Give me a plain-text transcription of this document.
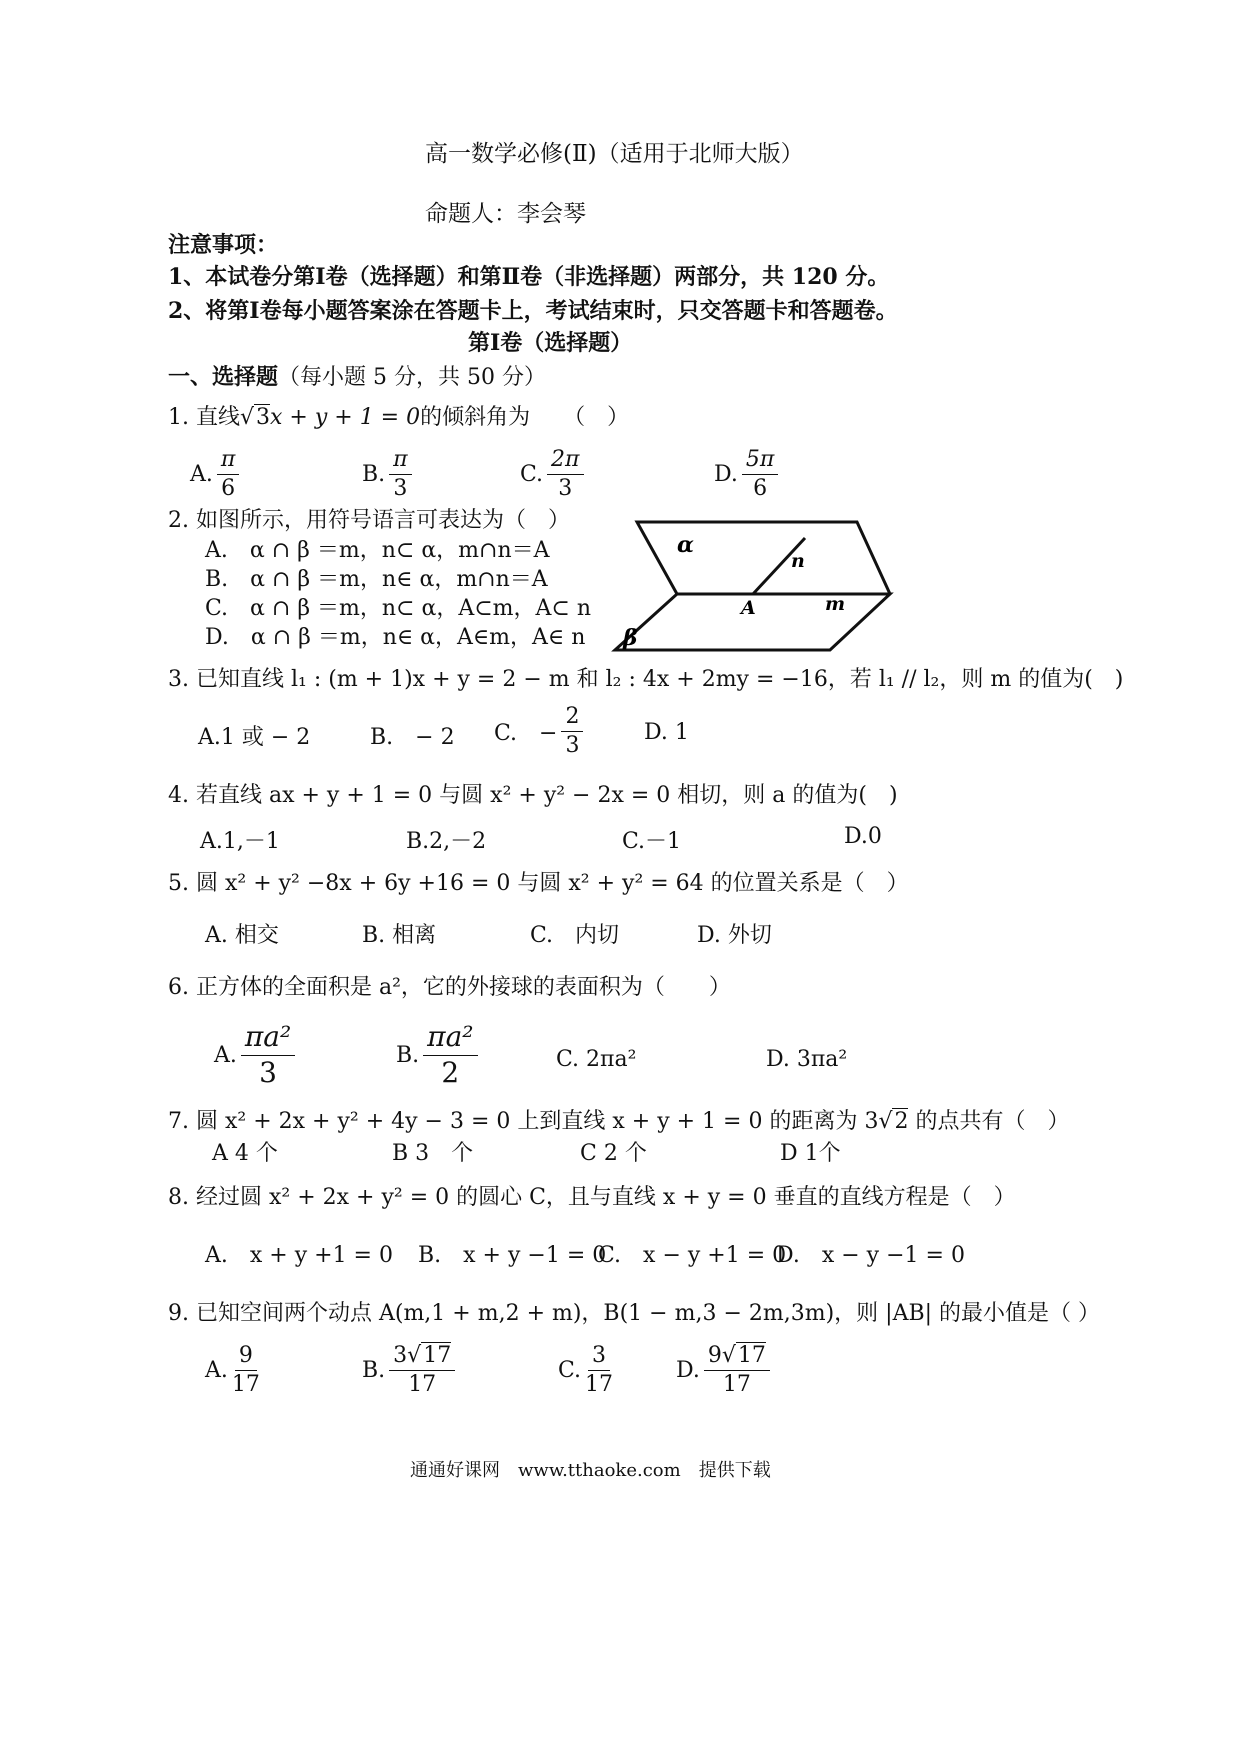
高一数学必修(Ⅱ)（适用于北师大版）
命题人：李会琴
注意事项：
1、本试卷分第Ⅰ卷（选择题）和第Ⅱ卷（非选择题）两部分，共 120 分。
2、将第Ⅰ卷每小题答案涂在答题卡上，考试结束时，只交答题卡和答题卷。
第Ⅰ卷（选择题）
一、选择题（每小题 5 分，共 50 分）
1. 直线√3x + y + 1 = 0的倾斜角为　　（　）
A. $\frac{\pi}{6}$	B. $\frac{\pi}{3}$	C. $\frac{2\pi}{3}$	D. $\frac{5\pi}{6}$
2. 如图所示，用符号语言可表达为（　）
A.　α ∩ β ＝m，n⊂ α，m∩n＝A
B.　α ∩ β ＝m，n∈ α，m∩n＝A
C.　α ∩ β ＝m，n⊂ α，A⊂m，A⊂ n
D.　α ∩ β ＝m，n∈ α，A∈m，A∈ n
α
n
A	m
β
3. 已知直线 l₁ : (m + 1)x + y = 2 − m 和 l₂ : 4x + 2my = −16，若 l₁ // l₂，则 m 的值为(　)
A.1 或 − 2	B.　− 2 C.　− $\frac{2}{3}$	D. 1
4. 若直线 ax + y + 1 = 0 与圆 x² + y² − 2x = 0 相切，则 a 的值为(　)
A.1,－1	B.2,－2	C.－1	D.0
5. 圆 x² + y² −8x + 6y +16 = 0 与圆 x² + y² = 64 的位置关系是（　）
A. 相交	B. 相离	C.　内切	D. 外切
6. 正方体的全面积是 a²，它的外接球的表面积为（　　）
A. $\frac{\text{πa²}}{3}$	B. $\frac{\text{πa²}}{2}$	C. 2πa²	D. 3πa²
7. 圆 x² + 2x + y² + 4y − 3 = 0 上到直线 x + y + 1 = 0 的距离为 3√2 的点共有（　）
A 4 个	B 3　个	C 2 个	D 1个
8. 经过圆 x² + 2x + y² = 0 的圆心 C，且与直线 x + y = 0 垂直的直线方程是（　）
A.　x + y +1 = 0 B.　x + y −1 = 0
C.　x − y +1 = 0
D.　x − y −1 = 0
9. 已知空间两个动点 A(m,1 + m,2 + m)，B(1 − m,3 − 2m,3m)，则 |AB| 的最小值是（ ）
A. $\frac{9}{17}$	B. $\frac{3√17}{17}$	C. $\frac{3}{17}$	D. $\frac{9√17}{17}$
通通好课网　www.tthaoke.com　提供下载
